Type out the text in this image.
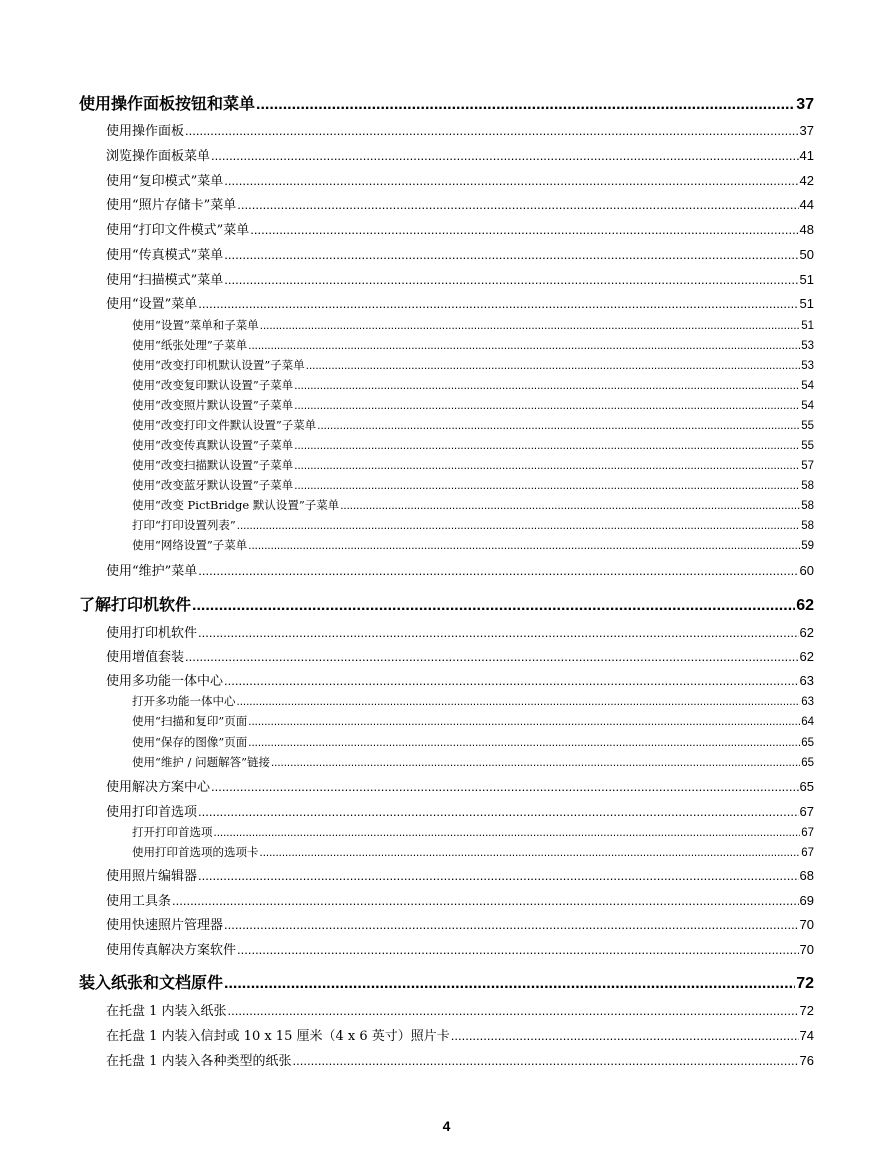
使用操作面板按钮和菜单 .....	37
使用操作面板 .....	37
浏览操作面板菜单 .....	41
使用“复印模式”菜单 .....	42
使用“照片存储卡”菜单 .....	44
使用“打印文件模式”菜单 .....	48
使用“传真模式”菜单 .....	50
使用“扫描模式”菜单 .....	51
使用“设置”菜单 .....	51
使用“设置”菜单和子菜单 .....	51
使用“纸张处理”子菜单 .....	53
使用“改变打印机默认设置”子菜单 .....	53
使用“改变复印默认设置”子菜单 .....	54
使用“改变照片默认设置”子菜单 .....	54
使用“改变打印文件默认设置”子菜单 .....	55
使用“改变传真默认设置”子菜单 .....	55
使用“改变扫描默认设置”子菜单 .....	57
使用“改变蓝牙默认设置”子菜单 .....	58
使用“改变 PictBridge 默认设置”子菜单 .....	58
打印“打印设置列表” .....	58
使用“网络设置”子菜单 .....	59
使用“维护”菜单 .....	60
了解打印机软件 .....	62
使用打印机软件 .....	62
使用增值套装 .....	62
使用多功能一体中心 .....	63
打开多功能一体中心 .....	63
使用“扫描和复印”页面 .....	64
使用“保存的图像”页面 .....	65
使用“维护 / 问题解答”链接 .....	65
使用解决方案中心 .....	65
使用打印首选项 .....	67
打开打印首选项 .....	67
使用打印首选项的选项卡 .....	67
使用照片编辑器 .....	68
使用工具条 .....	69
使用快速照片管理器 .....	70
使用传真解决方案软件 .....	70
装入纸张和文档原件 .....	72
在托盘 1 内装入纸张 .....	72
在托盘 1 内装入信封或 10 x 15 厘米（4 x 6 英寸）照片卡 .....	74
在托盘 1 内装入各种类型的纸张 .....	76
4
